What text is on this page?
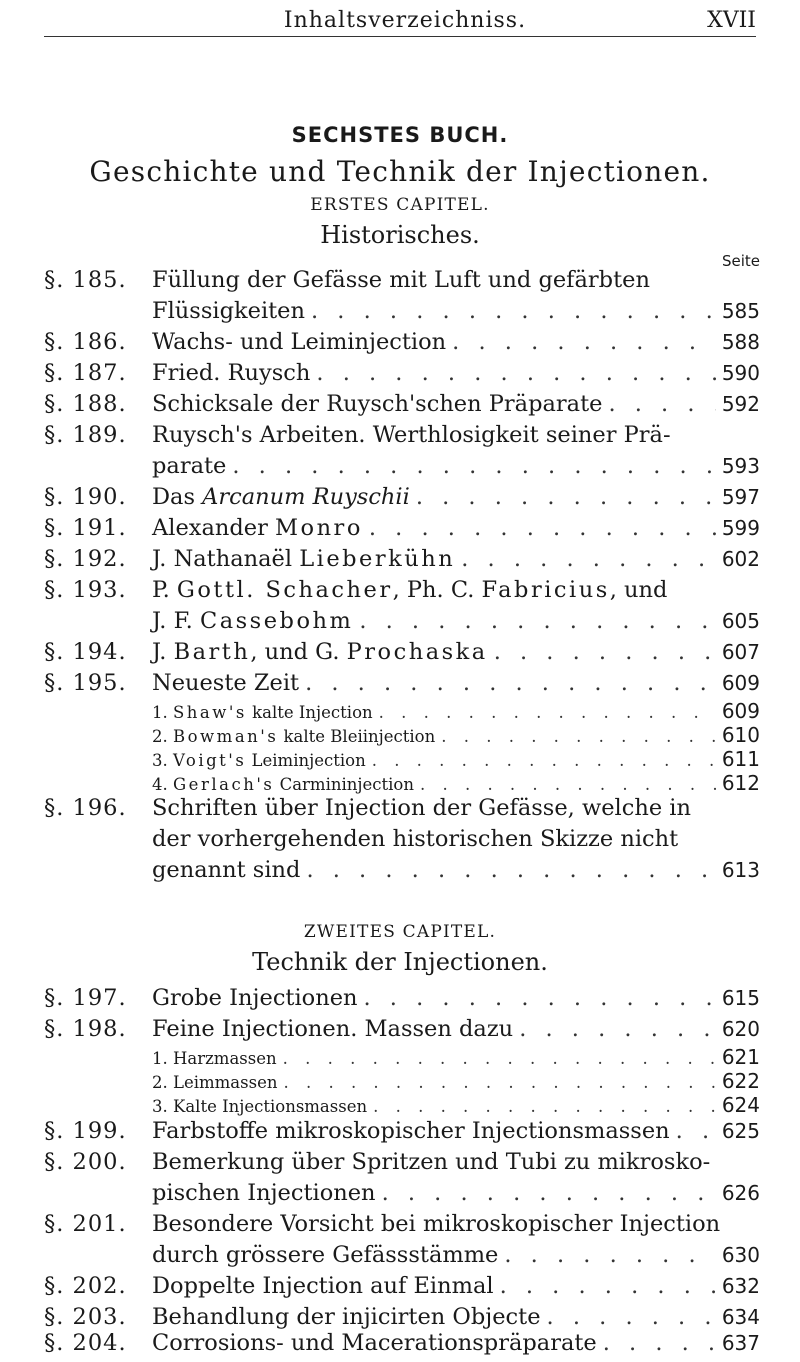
Inhaltsverzeichniss.	XVII
SECHSTES BUCH.
Geschichte und Technik der Injectionen.
ERSTES CAPITEL.
Historisches.
Seite
§. 185. Füllung der Gefässe mit Luft und gefärbten
Flüssigkeiten . . .	585
§. 186. Wachs- und Leiminjection . . .	588
§. 187. Fried. Ruysch . . .	590
§. 188. Schicksale der Ruysch'schen Präparate . . .	592
§. 189. Ruysch's Arbeiten. Werthlosigkeit seiner Prä-
parate . . .	593
§. 190. Das Arcanum Ruyschii . . .	597
§. 191. Alexander Monro . . .	599
§. 192. J. Nathanaël Lieberkühn . . .	602
§. 193. P. Gottl. Schacher, Ph. C. Fabricius, und
J. F. Cassebohm . . .	605
§. 194. J. Barth, und G. Prochaska . . .	607
§. 195. Neueste Zeit . . .	609
1. Shaw's kalte Injection . . .	609
2. Bowman's kalte Bleiinjection . . .	610
3. Voigt's Leiminjection . . .	611
4. Gerlach's Carmininjection . . .	612
§. 196. Schriften über Injection der Gefässe, welche in
der vorhergehenden historischen Skizze nicht
genannt sind . . .	613
ZWEITES CAPITEL.
Technik der Injectionen.
§. 197. Grobe Injectionen . . .	615
§. 198. Feine Injectionen. Massen dazu . . .	620
1. Harzmassen . . .	621
2. Leimmassen . . .	622
3. Kalte Injectionsmassen . . .	624
§. 199. Farbstoffe mikroskopischer Injectionsmassen . . .	625
§. 200. Bemerkung über Spritzen und Tubi zu mikrosko-
pischen Injectionen . . .	626
§. 201. Besondere Vorsicht bei mikroskopischer Injection
durch grössere Gefässstämme . . .	630
§. 202. Doppelte Injection auf Einmal . . .	632
§. 203. Behandlung der injicirten Objecte . . .	634
§. 204. Corrosions- und Macerationspräparate . . .	637
